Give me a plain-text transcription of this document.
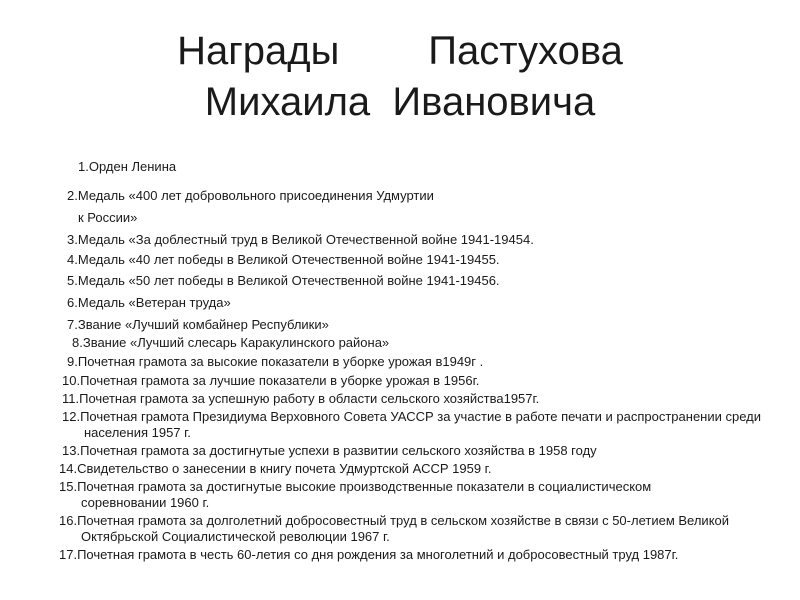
Награды        Пастухова
Михаила  Ивановича
1.Орден Ленина
2.Медаль «400 лет добровольного присоединения Удмуртии
к России»
3.Медаль «За доблестный труд в Великой Отечественной войне 1941-19454.
4.Медаль «40 лет победы в Великой Отечественной войне 1941-19455.
5.Медаль «50 лет победы в Великой Отечественной войне 1941-19456.
6.Медаль «Ветеран труда»
7.Звание «Лучший комбайнер Республики»
8.Звание «Лучший слесарь Каракулинского района»
9.Почетная грамота за высокие показатели в уборке урожая в1949г .
10.Почетная грамота за лучшие показатели в уборке урожая в 1956г.
11.Почетная грамота за успешную работу в области сельского хозяйства1957г.
12.Почетная грамота Президиума Верховного Совета УАССР за участие в работе печати и распространении среди населения 1957 г.
13.Почетная грамота за достигнутые успехи в развитии сельского хозяйства в 1958 году
14.Свидетельство о занесении в книгу почета Удмуртской АССР 1959 г.
15.Почетная грамота за достигнутые высокие производственные показатели в социалистическом соревновании 1960 г.
16.Почетная грамота за долголетний добросовестный труд в сельском хозяйстве в связи с 50-летием Великой Октябрьской Социалистической революции 1967 г.
17.Почетная грамота в честь 60-летия со дня рождения за многолетний и добросовестный труд 1987г.
